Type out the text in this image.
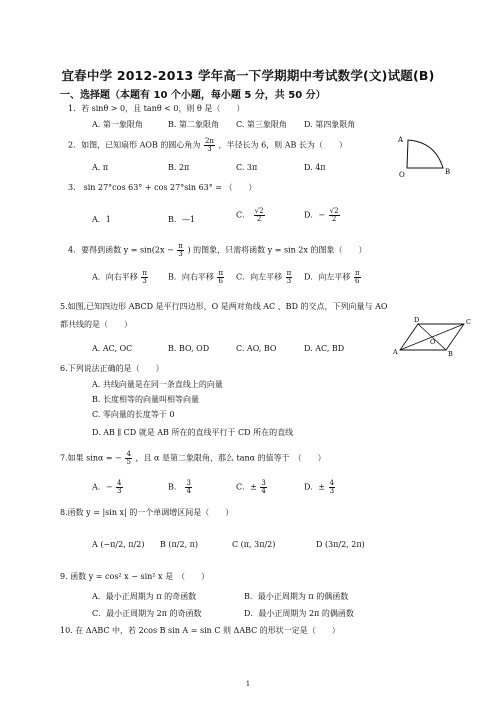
宜春中学 2012-2013 学年高一下学期期中考试数学(文)试题(B)
一、选择题（本题有 10 个小题，每小题 5 分，共 50 分）
1．若 sinθ > 0，且 tanθ < 0，则 θ 是（　　）
A. 第一象限角	B. 第二象限角 C. 第三象限角 D. 第四象限角
2．如图，已知扇形 AOB 的圆心角为 $\frac{2\pi}{3}$ ，半径长为 6，则 AB 长为（　　）
A. π	B. 2π	C. 3π	D. 4π
A
O	B
3． sin 27°cos 63° + cos 27°sin 63° = （　　）
A．1	B．—1	C． $\frac{√2}{2}$	D．− $\frac{√2}{2}$
4．要得到函数 $y = \sin(2x - \frac{\pi}{3}$ ) 的图象，只需将函数 y = sin 2x 的图象（　　）
A．向右平移 $\frac{\pi}{3}$	B．向右平移 $\frac{\pi}{6}$ C．向左平移 $\frac{\pi}{3}$ D．向左平移 $\frac{\pi}{6}$
5.如图,已知四边形 ABCD 是平行四边形，O 是两对角线 AC 、BD 的交点，下列向量与 AO
都共线的是（　　）
A. AC, OC	B. BO, OD	C. AO, BO	D. AC, BD	A	B
C
D
O
6.下列说法正确的是（　　）
A. 共线向量是在同一条直线上的向量
B. 长度相等的向量叫相等向量
C. 零向量的长度等于 0
D. AB ∥ CD 就是 AB 所在的直线平行于 CD 所在的直线
7.如果 sinα = − $\frac{4}{5}$ ，且 α 是第二象限角，那么 tanα 的值等于　（　　）
A．− $\frac{4}{3}$	B． $\frac{3}{4}$	C．± $\frac{3}{4}$	D．± $\frac{4}{3}$
8.函数 y = |sin x| 的一个单调增区间是（　　）
A (−π/2, π/2) B (π/2, π)	C (π, 3π/2)	D (3π/2, 2π)
9. 函数 y = cos² x − sin² x 是　（　　）
A．最小正周期为 π 的奇函数	B．最小正周期为 π 的偶函数
C．最小正周期为 2π 的奇函数	D．最小正周期为 2π 的偶函数
10. 在 ΔABC 中，若 2cos B sin A = sin C 则 ΔABC 的形状一定是（　　）
1
